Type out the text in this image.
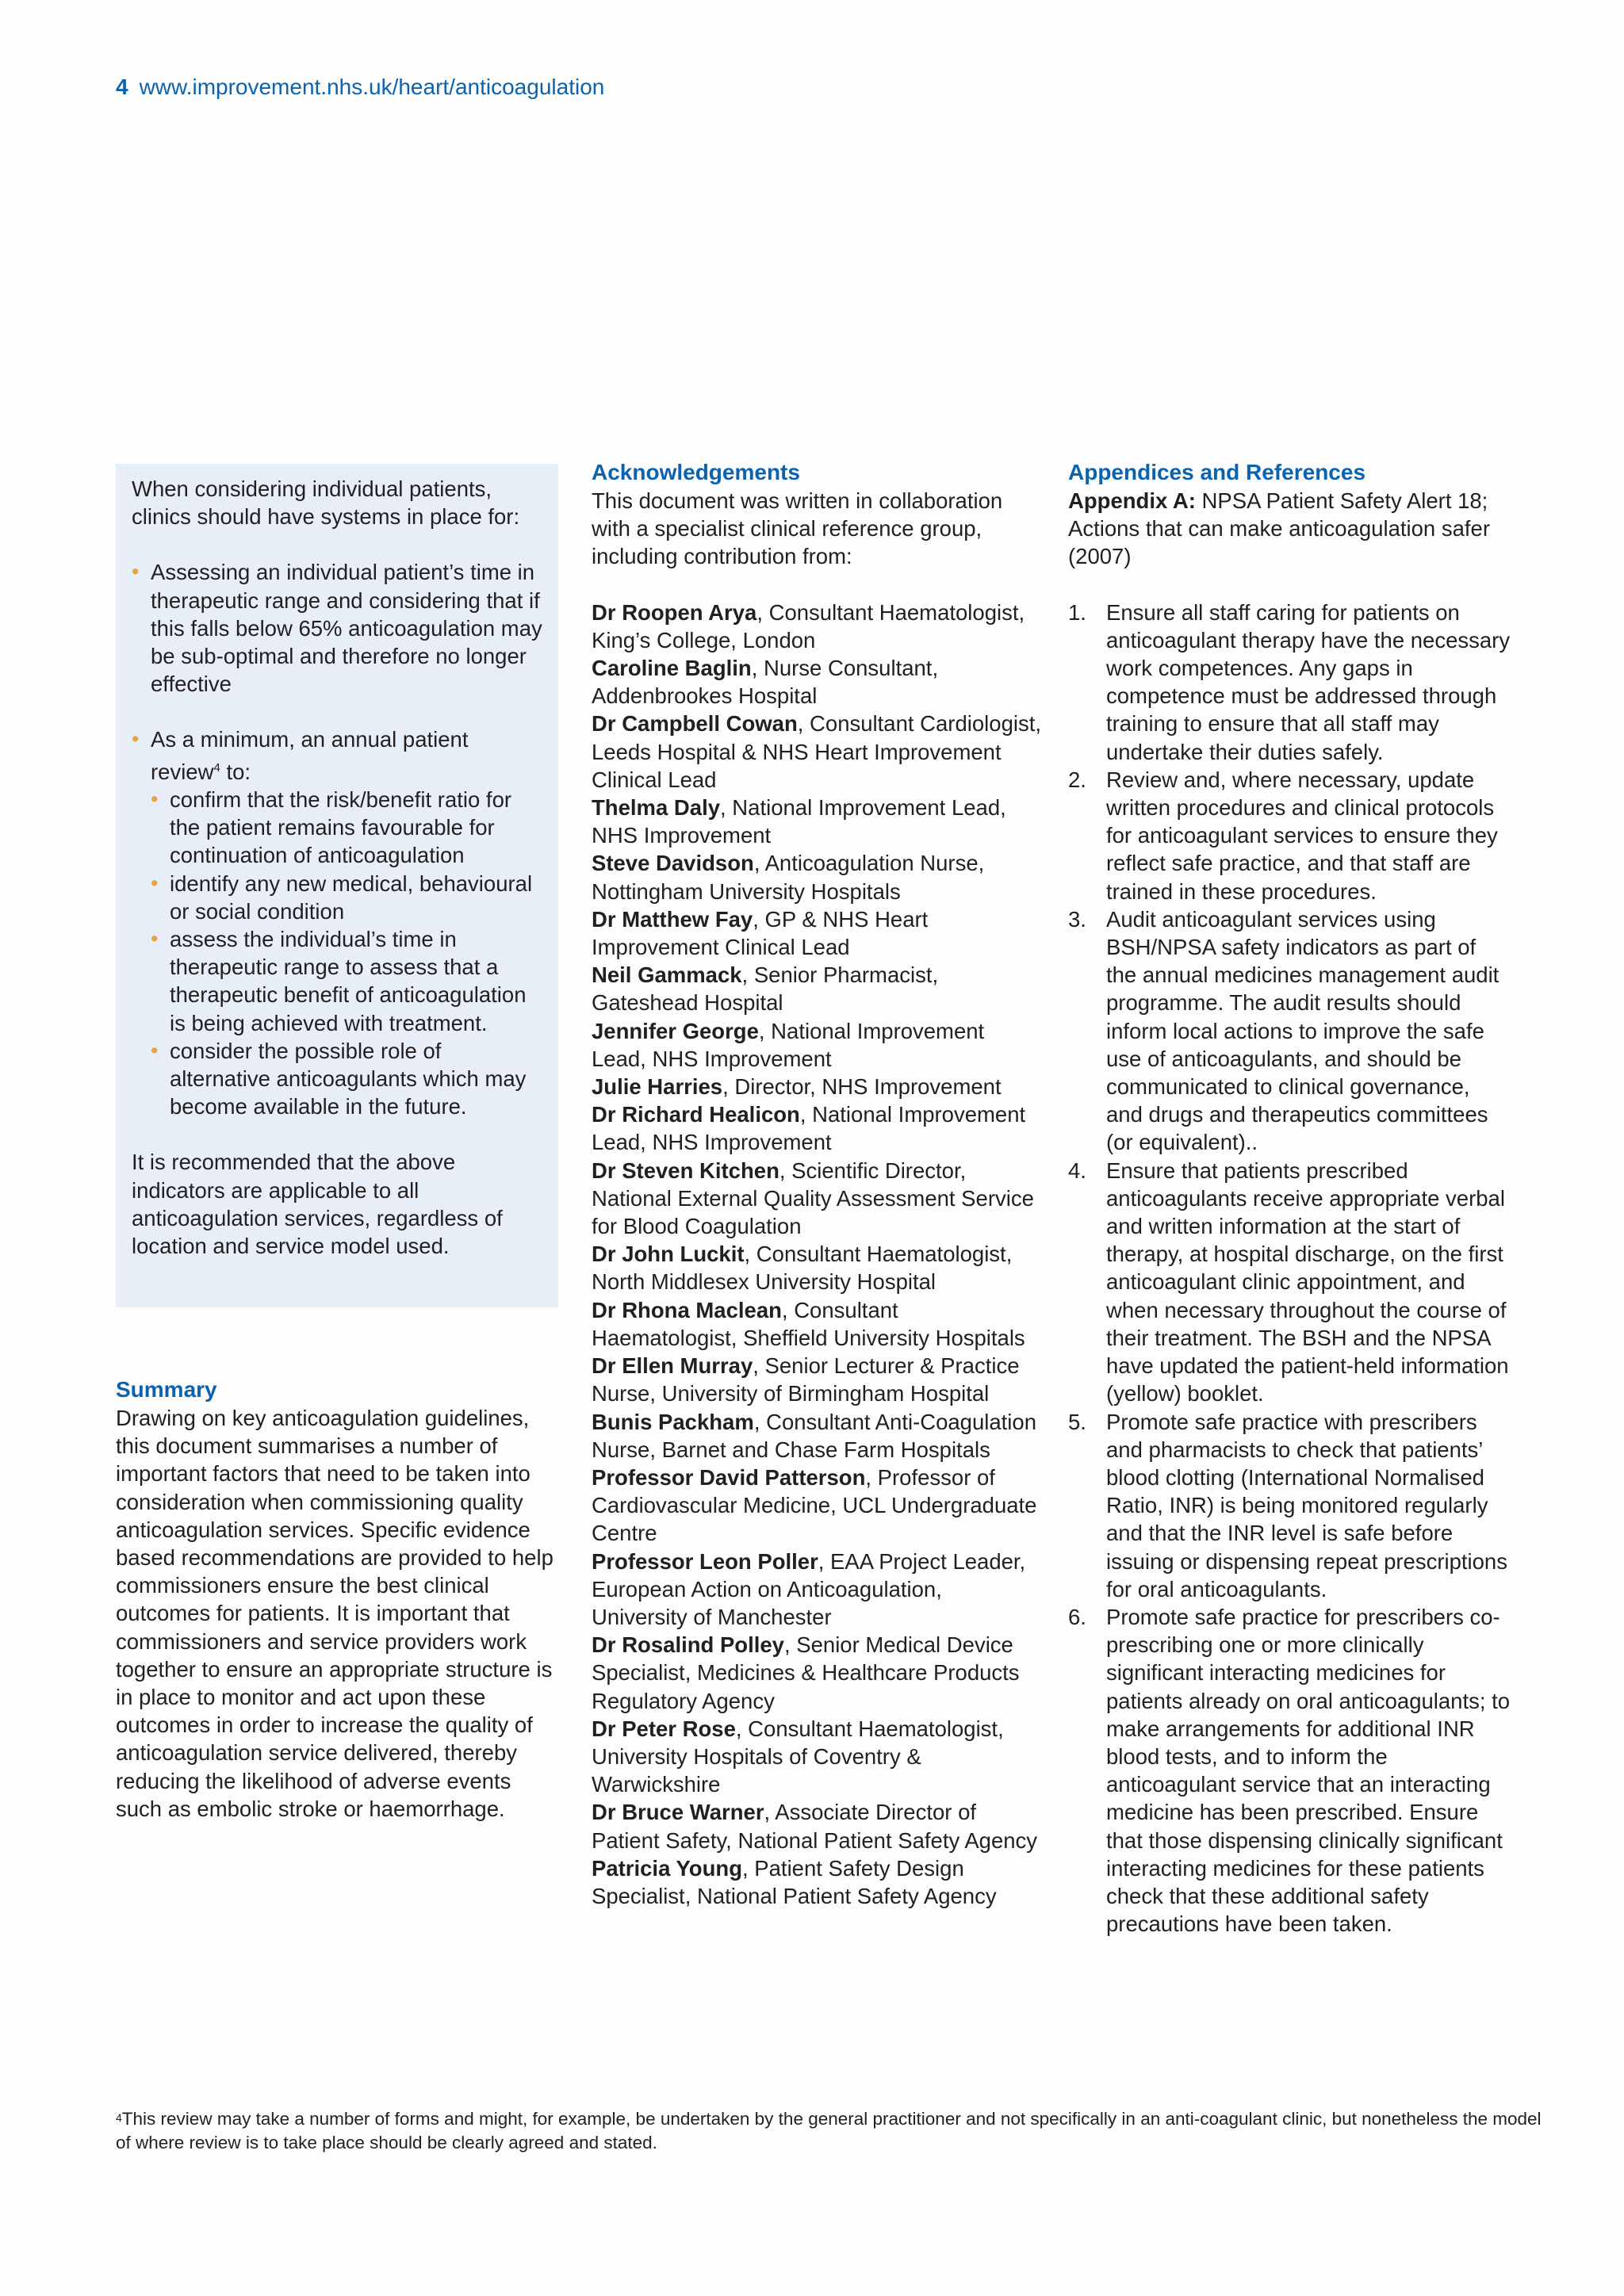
4 www.improvement.nhs.uk/heart/anticoagulation

When considering individual patients, clinics should have systems in place for:

• Assessing an individual patient’s time in therapeutic range and considering that if this falls below 65% anticoagulation may be sub-optimal and therefore no longer effective
• As a minimum, an annual patient review$^4$ to:
• confirm that the risk/benefit ratio for the patient remains favourable for continuation of anticoagulation
• identify any new medical, behavioural or social condition
• assess the individual’s time in therapeutic range to assess that a therapeutic benefit of anticoagulation is being achieved with treatment.
• consider the possible role of alternative anticoagulants which may become available in the future.

It is recommended that the above indicators are applicable to all anticoagulation services, regardless of location and service model used.

Summary

Drawing on key anticoagulation guidelines, this document summarises a number of important factors that need to be taken into consideration when commissioning quality anticoagulation services. Specific evidence based recommendations are provided to help commissioners ensure the best clinical outcomes for patients. It is important that commissioners and service providers work together to ensure an appropriate structure is in place to monitor and act upon these outcomes in order to increase the quality of anticoagulation service delivered, thereby reducing the likelihood of adverse events such as embolic stroke or haemorrhage.

Acknowledgements

This document was written in collaboration with a specialist clinical reference group, including contribution from:

Dr Roopen Arya, Consultant Haematologist, King’s College, London

Caroline Baglin, Nurse Consultant, Addenbrookes Hospital

Dr Campbell Cowan, Consultant Cardiologist, Leeds Hospital & NHS Heart Improvement Clinical Lead

Thelma Daly, National Improvement Lead, NHS Improvement

Steve Davidson, Anticoagulation Nurse, Nottingham University Hospitals

Dr Matthew Fay, GP & NHS Heart Improvement Clinical Lead

Neil Gammack, Senior Pharmacist, Gateshead Hospital

Jennifer George, National Improvement Lead, NHS Improvement

Julie Harries, Director, NHS Improvement

Dr Richard Healicon, National Improvement Lead, NHS Improvement

Dr Steven Kitchen, Scientific Director, National External Quality Assessment Service for Blood Coagulation

Dr John Luckit, Consultant Haematologist, North Middlesex University Hospital

Dr Rhona Maclean, Consultant Haematologist, Sheffield University Hospitals

Dr Ellen Murray, Senior Lecturer & Practice Nurse, University of Birmingham Hospital

Bunis Packham, Consultant Anti-Coagulation Nurse, Barnet and Chase Farm Hospitals

Professor David Patterson, Professor of Cardiovascular Medicine, UCL Undergraduate Centre

Professor Leon Poller, EAA Project Leader, European Action on Anticoagulation, University of Manchester

Dr Rosalind Polley, Senior Medical Device Specialist, Medicines & Healthcare Products Regulatory Agency

Dr Peter Rose, Consultant Haematologist, University Hospitals of Coventry & Warwickshire

Dr Bruce Warner, Associate Director of Patient Safety, National Patient Safety Agency

Patricia Young, Patient Safety Design Specialist, National Patient Safety Agency

Appendices and References

Appendix A: NPSA Patient Safety Alert 18; Actions that can make anticoagulation safer (2007)

1. Ensure all staff caring for patients on anticoagulant therapy have the necessary work competences. Any gaps in competence must be addressed through training to ensure that all staff may undertake their duties safely.
2. Review and, where necessary, update written procedures and clinical protocols for anticoagulant services to ensure they reflect safe practice, and that staff are trained in these procedures.
3. Audit anticoagulant services using BSH/NPSA safety indicators as part of the annual medicines management audit programme. The audit results should inform local actions to improve the safe use of anticoagulants, and should be communicated to clinical governance, and drugs and therapeutics committees (or equivalent)..
4. Ensure that patients prescribed anticoagulants receive appropriate verbal and written information at the start of therapy, at hospital discharge, on the first anticoagulant clinic appointment, and when necessary throughout the course of their treatment. The BSH and the NPSA have updated the patient-held information (yellow) booklet.
5. Promote safe practice with prescribers and pharmacists to check that patients’ blood clotting (International Normalised Ratio, INR) is being monitored regularly and that the INR level is safe before issuing or dispensing repeat prescriptions for oral anticoagulants.
6. Promote safe practice for prescribers co-prescribing one or more clinically significant interacting medicines for patients already on oral anticoagulants; to make arrangements for additional INR blood tests, and to inform the anticoagulant service that an interacting medicine has been prescribed. Ensure that those dispensing clinically significant interacting medicines for these patients check that these additional safety precautions have been taken.
$^4$This review may take a number of forms and might, for example, be undertaken by the general practitioner and not specifically in an anti-coagulant clinic, but nonetheless the model of where review is to take place should be clearly agreed and stated.
